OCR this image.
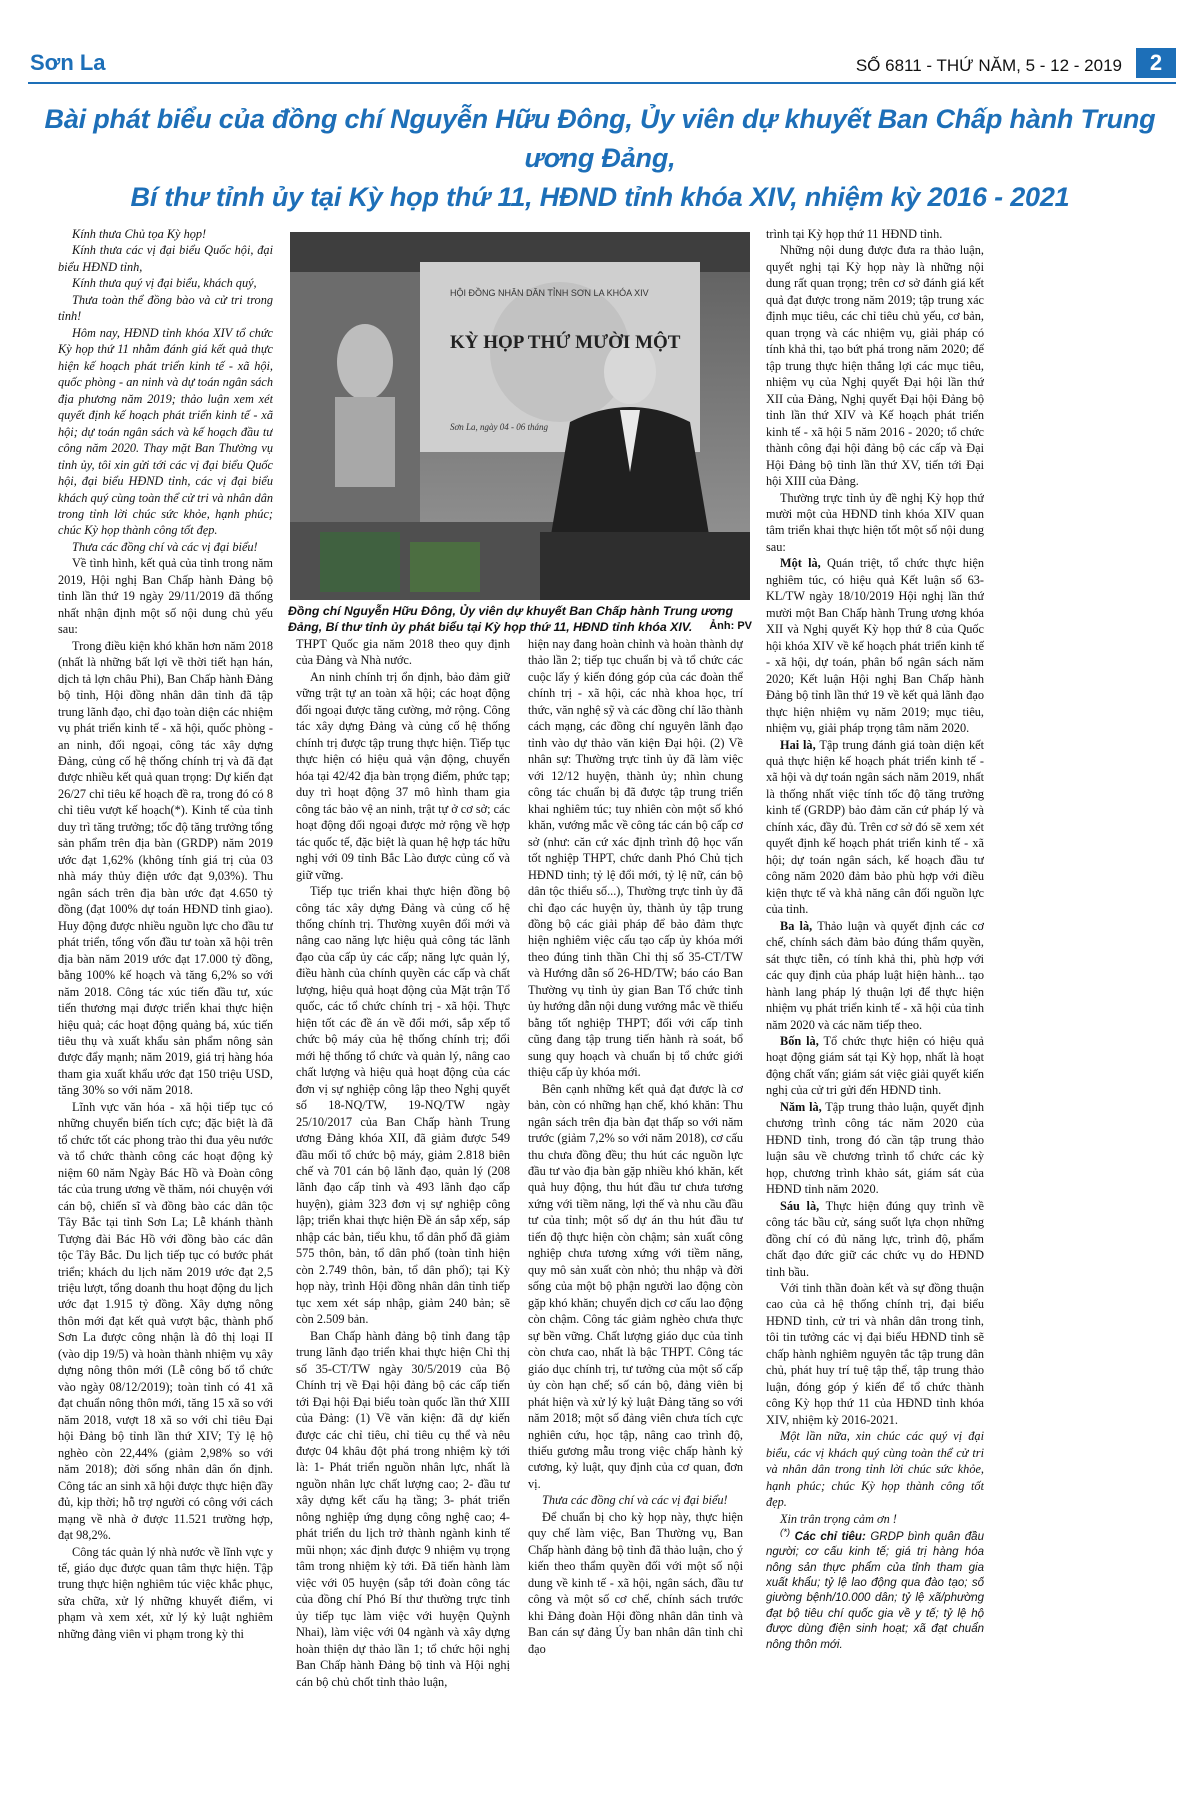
Sơn La	SỐ 6811 - THỨ NĂM, 5 - 12 - 2019	2
Bài phát biểu của đồng chí Nguyễn Hữu Đông, Ủy viên dự khuyết Ban Chấp hành Trung ương Đảng,
Bí thư tỉnh ủy tại Kỳ họp thứ 11, HĐND tỉnh khóa XIV, nhiệm kỳ 2016 - 2021
HỘI ĐỒNG NHÂN DÂN TỈNH SƠN LA KHÓA XIV
KỲ HỌP THỨ MƯỜI MỘT
Sơn La, ngày 04 - 06 tháng
Đồng chí Nguyễn Hữu Đông, Ủy viên dự khuyết Ban Chấp hành Trung ương Đảng, Bí thư tỉnh ủy phát biểu tại Kỳ họp thứ 11, HĐND tỉnh khóa XIV.	Ảnh: PV

Kính thưa Chủ tọa Kỳ họp!

Kính thưa các vị đại biểu Quốc hội, đại biểu HĐND tỉnh,

Kính thưa quý vị đại biểu, khách quý,

Thưa toàn thể đồng bào và cử tri trong tỉnh!

Hôm nay, HĐND tỉnh khóa XIV tổ chức Kỳ họp thứ 11 nhằm đánh giá kết quả thực hiện kế hoạch phát triển kinh tế - xã hội, quốc phòng - an ninh và dự toán ngân sách địa phương năm 2019; thảo luận xem xét quyết định kế hoạch phát triển kinh tế - xã hội; dự toán ngân sách và kế hoạch đầu tư công năm 2020. Thay mặt Ban Thường vụ tỉnh ủy, tôi xin gửi tới các vị đại biểu Quốc hội, đại biểu HĐND tỉnh, các vị đại biểu khách quý cùng toàn thể cử tri và nhân dân trong tỉnh lời chúc sức khỏe, hạnh phúc; chúc Kỳ họp thành công tốt đẹp.

Thưa các đồng chí và các vị đại biểu!

Về tình hình, kết quả của tỉnh trong năm 2019, Hội nghị Ban Chấp hành Đảng bộ tỉnh lần thứ 19 ngày 29/11/2019 đã thống nhất nhận định một số nội dung chủ yếu sau:

Trong điều kiện khó khăn hơn năm 2018 (nhất là những bất lợi về thời tiết hạn hán, dịch tả lợn châu Phi), Ban Chấp hành Đảng bộ tỉnh, Hội đồng nhân dân tỉnh đã tập trung lãnh đạo, chỉ đạo toàn diện các nhiệm vụ phát triển kinh tế - xã hội, quốc phòng - an ninh, đối ngoại, công tác xây dựng Đảng, củng cố hệ thống chính trị và đã đạt được nhiều kết quả quan trọng: Dự kiến đạt 26/27 chỉ tiêu kế hoạch đề ra, trong đó có 8 chỉ tiêu vượt kế hoạch(*). Kinh tế của tỉnh duy trì tăng trưởng; tốc độ tăng trưởng tổng sản phẩm trên địa bàn (GRDP) năm 2019 ước đạt 1,62% (không tính giá trị của 03 nhà máy thủy điện ước đạt 9,03%). Thu ngân sách trên địa bàn ước đạt 4.650 tỷ đồng (đạt 100% dự toán HĐND tỉnh giao). Huy động được nhiều nguồn lực cho đầu tư phát triển, tổng vốn đầu tư toàn xã hội trên địa bàn năm 2019 ước đạt 17.000 tỷ đồng, bằng 100% kế hoạch và tăng 6,2% so với năm 2018. Công tác xúc tiến đầu tư, xúc tiến thương mại được triển khai thực hiện hiệu quả; các hoạt động quảng bá, xúc tiến tiêu thụ và xuất khẩu sản phẩm nông sản được đẩy mạnh; năm 2019, giá trị hàng hóa tham gia xuất khẩu ước đạt 150 triệu USD, tăng 30% so với năm 2018.

Lĩnh vực văn hóa - xã hội tiếp tục có những chuyển biến tích cực; đặc biệt là đã tổ chức tốt các phong trào thi đua yêu nước và tổ chức thành công các hoạt động kỷ niệm 60 năm Ngày Bác Hồ và Đoàn công tác của trung ương về thăm, nói chuyện với cán bộ, chiến sĩ và đồng bào các dân tộc Tây Bắc tại tỉnh Sơn La; Lễ khánh thành Tượng đài Bác Hồ với đồng bào các dân tộc Tây Bắc. Du lịch tiếp tục có bước phát triển; khách du lịch năm 2019 ước đạt 2,5 triệu lượt, tổng doanh thu hoạt động du lịch ước đạt 1.915 tỷ đồng. Xây dựng nông thôn mới đạt kết quả vượt bậc, thành phố Sơn La được công nhận là đô thị loại II (vào dịp 19/5) và hoàn thành nhiệm vụ xây dựng nông thôn mới (Lễ công bố tổ chức vào ngày 08/12/2019); toàn tỉnh có 41 xã đạt chuẩn nông thôn mới, tăng 15 xã so với năm 2018, vượt 18 xã so với chỉ tiêu Đại hội Đảng bộ tỉnh lần thứ XIV; Tỷ lệ hộ nghèo còn 22,44% (giảm 2,98% so với năm 2018); đời sống nhân dân ổn định. Công tác an sinh xã hội được thực hiện đầy đủ, kịp thời; hỗ trợ người có công với cách mạng về nhà ở được 11.521 trường hợp, đạt 98,2%.

Công tác quản lý nhà nước về lĩnh vực y tế, giáo dục được quan tâm thực hiện. Tập trung thực hiện nghiêm túc việc khắc phục, sửa chữa, xử lý những khuyết điểm, vi phạm và xem xét, xử lý kỷ luật nghiêm những đảng viên vi phạm trong kỳ thi

THPT Quốc gia năm 2018 theo quy định của Đảng và Nhà nước.

An ninh chính trị ổn định, bảo đảm giữ vững trật tự an toàn xã hội; các hoạt động đối ngoại được tăng cường, mở rộng. Công tác xây dựng Đảng và củng cố hệ thống chính trị được tập trung thực hiện. Tiếp tục thực hiện có hiệu quả vận động, chuyển hóa tại 42/42 địa bàn trọng điểm, phức tạp; duy trì hoạt động 37 mô hình tham gia công tác bảo vệ an ninh, trật tự ở cơ sở; các hoạt động đối ngoại được mở rộng về hợp tác quốc tế, đặc biệt là quan hệ hợp tác hữu nghị với 09 tỉnh Bắc Lào được củng cố và giữ vững.

Tiếp tục triển khai thực hiện đồng bộ công tác xây dựng Đảng và củng cố hệ thống chính trị. Thường xuyên đổi mới và nâng cao năng lực hiệu quả công tác lãnh đạo của cấp ủy các cấp; năng lực quản lý, điều hành của chính quyền các cấp và chất lượng, hiệu quả hoạt động của Mặt trận Tổ quốc, các tổ chức chính trị - xã hội. Thực hiện tốt các đề án về đổi mới, sắp xếp tổ chức bộ máy của hệ thống chính trị; đổi mới hệ thống tổ chức và quản lý, nâng cao chất lượng và hiệu quả hoạt động của các đơn vị sự nghiệp công lập theo Nghị quyết số 18-NQ/TW, 19-NQ/TW ngày 25/10/2017 của Ban Chấp hành Trung ương Đảng khóa XII, đã giảm được 549 đầu mối tổ chức bộ máy, giảm 2.818 biên chế và 701 cán bộ lãnh đạo, quản lý (208 lãnh đạo cấp tỉnh và 493 lãnh đạo cấp huyện), giảm 323 đơn vị sự nghiệp công lập; triển khai thực hiện Đề án sắp xếp, sáp nhập các bản, tiểu khu, tổ dân phố đã giảm 575 thôn, bản, tổ dân phố (toàn tỉnh hiện còn 2.749 thôn, bản, tổ dân phố); tại Kỳ họp này, trình Hội đồng nhân dân tỉnh tiếp tục xem xét sáp nhập, giảm 240 bản; sẽ còn 2.509 bản.

Ban Chấp hành đảng bộ tỉnh đang tập trung lãnh đạo triển khai thực hiện Chỉ thị số 35-CT/TW ngày 30/5/2019 của Bộ Chính trị về Đại hội đảng bộ các cấp tiến tới Đại hội Đại biểu toàn quốc lần thứ XIII của Đảng: (1) Về văn kiện: đã dự kiến được các chỉ tiêu, chỉ tiêu cụ thể và nêu được 04 khâu đột phá trong nhiệm kỳ tới là: 1- Phát triển nguồn nhân lực, nhất là nguồn nhân lực chất lượng cao; 2- đầu tư xây dựng kết cấu hạ tầng; 3- phát triển nông nghiệp ứng dụng công nghệ cao; 4- phát triển du lịch trở thành ngành kinh tế mũi nhọn; xác định được 9 nhiệm vụ trọng tâm trong nhiệm kỳ tới. Đã tiến hành làm việc với 05 huyện (sắp tới đoàn công tác của đồng chí Phó Bí thư thường trực tỉnh ủy tiếp tục làm việc với huyện Quỳnh Nhai), làm việc với 04 ngành và xây dựng hoàn thiện dự thảo lần 1; tổ chức hội nghị Ban Chấp hành Đảng bộ tỉnh và Hội nghị cán bộ chủ chốt tỉnh thảo luận,

hiện nay đang hoàn chỉnh và hoàn thành dự thảo lần 2; tiếp tục chuẩn bị và tổ chức các cuộc lấy ý kiến đóng góp của các đoàn thể chính trị - xã hội, các nhà khoa học, trí thức, văn nghệ sỹ và các đồng chí lão thành cách mạng, các đồng chí nguyên lãnh đạo tỉnh vào dự thảo văn kiện Đại hội. (2) Về nhân sự: Thường trực tỉnh ủy đã làm việc với 12/12 huyện, thành ủy; nhìn chung công tác chuẩn bị đã được tập trung triển khai nghiêm túc; tuy nhiên còn một số khó khăn, vướng mắc về công tác cán bộ cấp cơ sở (như: căn cứ xác định trình độ học vấn tốt nghiệp THPT, chức danh Phó Chủ tịch HĐND tỉnh; tỷ lệ đổi mới, tỷ lệ nữ, cán bộ dân tộc thiểu số...), Thường trực tỉnh ủy đã chỉ đạo các huyện ủy, thành ủy tập trung đồng bộ các giải pháp để bảo đảm thực hiện nghiêm việc cấu tạo cấp ủy khóa mới theo đúng tinh thần Chỉ thị số 35-CT/TW và Hướng dẫn số 26-HD/TW; báo cáo Ban Thường vụ tỉnh ủy gian Ban Tổ chức tỉnh ủy hướng dẫn nội dung vướng mắc về thiếu bằng tốt nghiệp THPT; đối với cấp tỉnh cũng đang tập trung tiến hành rà soát, bổ sung quy hoạch và chuẩn bị tổ chức giới thiệu cấp ủy khóa mới.

Bên cạnh những kết quả đạt được là cơ bản, còn có những hạn chế, khó khăn: Thu ngân sách trên địa bàn đạt thấp so với năm trước (giảm 7,2% so với năm 2018), cơ cấu thu chưa đồng đều; thu hút các nguồn lực đầu tư vào địa bàn gặp nhiều khó khăn, kết quả huy động, thu hút đầu tư chưa tương xứng với tiềm năng, lợi thế và nhu cầu đầu tư của tỉnh; một số dự án thu hút đầu tư tiến độ thực hiện còn chậm; sản xuất công nghiệp chưa tương xứng với tiềm năng, quy mô sản xuất còn nhỏ; thu nhập và đời sống của một bộ phận người lao động còn gặp khó khăn; chuyển dịch cơ cấu lao động còn chậm. Công tác giảm nghèo chưa thực sự bền vững. Chất lượng giáo dục của tỉnh còn chưa cao, nhất là bậc THPT. Công tác giáo dục chính trị, tư tưởng của một số cấp ủy còn hạn chế; số cán bộ, đảng viên bị phát hiện và xử lý kỷ luật Đảng tăng so với năm 2018; một số đảng viên chưa tích cực nghiên cứu, học tập, nâng cao trình độ, thiếu gương mẫu trong việc chấp hành kỷ cương, kỷ luật, quy định của cơ quan, đơn vị.

Thưa các đồng chí và các vị đại biểu!

Để chuẩn bị cho kỳ họp này, thực hiện quy chế làm việc, Ban Thường vụ, Ban Chấp hành đảng bộ tỉnh đã thảo luận, cho ý kiến theo thẩm quyền đối với một số nội dung về kinh tế - xã hội, ngân sách, đầu tư công và một số cơ chế, chính sách trước khi Đảng đoàn Hội đồng nhân dân tỉnh và Ban cán sự đảng Ủy ban nhân dân tỉnh chỉ đạo

trình tại Kỳ họp thứ 11 HĐND tỉnh.

Những nội dung được đưa ra thảo luận, quyết nghị tại Kỳ họp này là những nội dung rất quan trọng; trên cơ sở đánh giá kết quả đạt được trong năm 2019; tập trung xác định mục tiêu, các chỉ tiêu chủ yếu, cơ bản, quan trọng và các nhiệm vụ, giải pháp có tính khả thi, tạo bứt phá trong năm 2020; để tập trung thực hiện thắng lợi các mục tiêu, nhiệm vụ của Nghị quyết Đại hội lần thứ XII của Đảng, Nghị quyết Đại hội Đảng bộ tỉnh lần thứ XIV và Kế hoạch phát triển kinh tế - xã hội 5 năm 2016 - 2020; tổ chức thành công đại hội đảng bộ các cấp và Đại Hội Đảng bộ tỉnh lần thứ XV, tiến tới Đại hội XIII của Đảng.

Thường trực tỉnh ủy đề nghị Kỳ họp thứ mười một của HĐND tỉnh khóa XIV quan tâm triển khai thực hiện tốt một số nội dung sau:

Một là, Quán triệt, tổ chức thực hiện nghiêm túc, có hiệu quả Kết luận số 63-KL/TW ngày 18/10/2019 Hội nghị lần thứ mười một Ban Chấp hành Trung ương khóa XII và Nghị quyết Kỳ họp thứ 8 của Quốc hội khóa XIV về kế hoạch phát triển kinh tế - xã hội, dự toán, phân bổ ngân sách năm 2020; Kết luận Hội nghị Ban Chấp hành Đảng bộ tỉnh lần thứ 19 về kết quả lãnh đạo thực hiện nhiệm vụ năm 2019; mục tiêu, nhiệm vụ, giải pháp trọng tâm năm 2020.

Hai là, Tập trung đánh giá toàn diện kết quả thực hiện kế hoạch phát triển kinh tế - xã hội và dự toán ngân sách năm 2019, nhất là thống nhất việc tính tốc độ tăng trưởng kinh tế (GRDP) bảo đảm căn cứ pháp lý và chính xác, đầy đủ. Trên cơ sở đó sẽ xem xét quyết định kế hoạch phát triển kinh tế - xã hội; dự toán ngân sách, kế hoạch đầu tư công năm 2020 đảm bảo phù hợp với điều kiện thực tế và khả năng cân đối nguồn lực của tỉnh.

Ba là, Thảo luận và quyết định các cơ chế, chính sách đảm bảo đúng thẩm quyền, sát thực tiễn, có tính khả thi, phù hợp với các quy định của pháp luật hiện hành... tạo hành lang pháp lý thuận lợi để thực hiện nhiệm vụ phát triển kinh tế - xã hội của tỉnh năm 2020 và các năm tiếp theo.

Bốn là, Tổ chức thực hiện có hiệu quả hoạt động giám sát tại Kỳ họp, nhất là hoạt động chất vấn; giám sát việc giải quyết kiến nghị của cử tri gửi đến HĐND tỉnh.

Năm là, Tập trung thảo luận, quyết định chương trình công tác năm 2020 của HĐND tỉnh, trong đó cần tập trung thảo luận sâu về chương trình tổ chức các kỳ họp, chương trình khảo sát, giám sát của HĐND tỉnh năm 2020.

Sáu là, Thực hiện đúng quy trình về công tác bầu cử, sáng suốt lựa chọn những đồng chí có đủ năng lực, trình độ, phẩm chất đạo đức giữ các chức vụ do HĐND tỉnh bầu.

Với tinh thần đoàn kết và sự đồng thuận cao của cả hệ thống chính trị, đại biểu HĐND tỉnh, cử tri và nhân dân trong tỉnh, tôi tin tưởng các vị đại biểu HĐND tỉnh sẽ chấp hành nghiêm nguyên tắc tập trung dân chủ, phát huy trí tuệ tập thể, tập trung thảo luận, đóng góp ý kiến để tổ chức thành công Kỳ họp thứ 11 của HĐND tỉnh khóa XIV, nhiệm kỳ 2016-2021.

Một lần nữa, xin chúc các quý vị đại biểu, các vị khách quý cùng toàn thể cử tri và nhân dân trong tỉnh lời chúc sức khỏe, hạnh phúc; chúc Kỳ họp thành công tốt đẹp.

Xin trân trọng cảm ơn !

(*) Các chỉ tiêu: GRDP bình quân đầu người; cơ cấu kinh tế; giá trị hàng hóa nông sản thực phẩm của tỉnh tham gia xuất khẩu; tỷ lệ lao động qua đào tạo; số giường bệnh/10.000 dân; tỷ lệ xã/phường đạt bộ tiêu chí quốc gia về y tế; tỷ lệ hộ được dùng điện sinh hoạt; xã đạt chuẩn nông thôn mới.
